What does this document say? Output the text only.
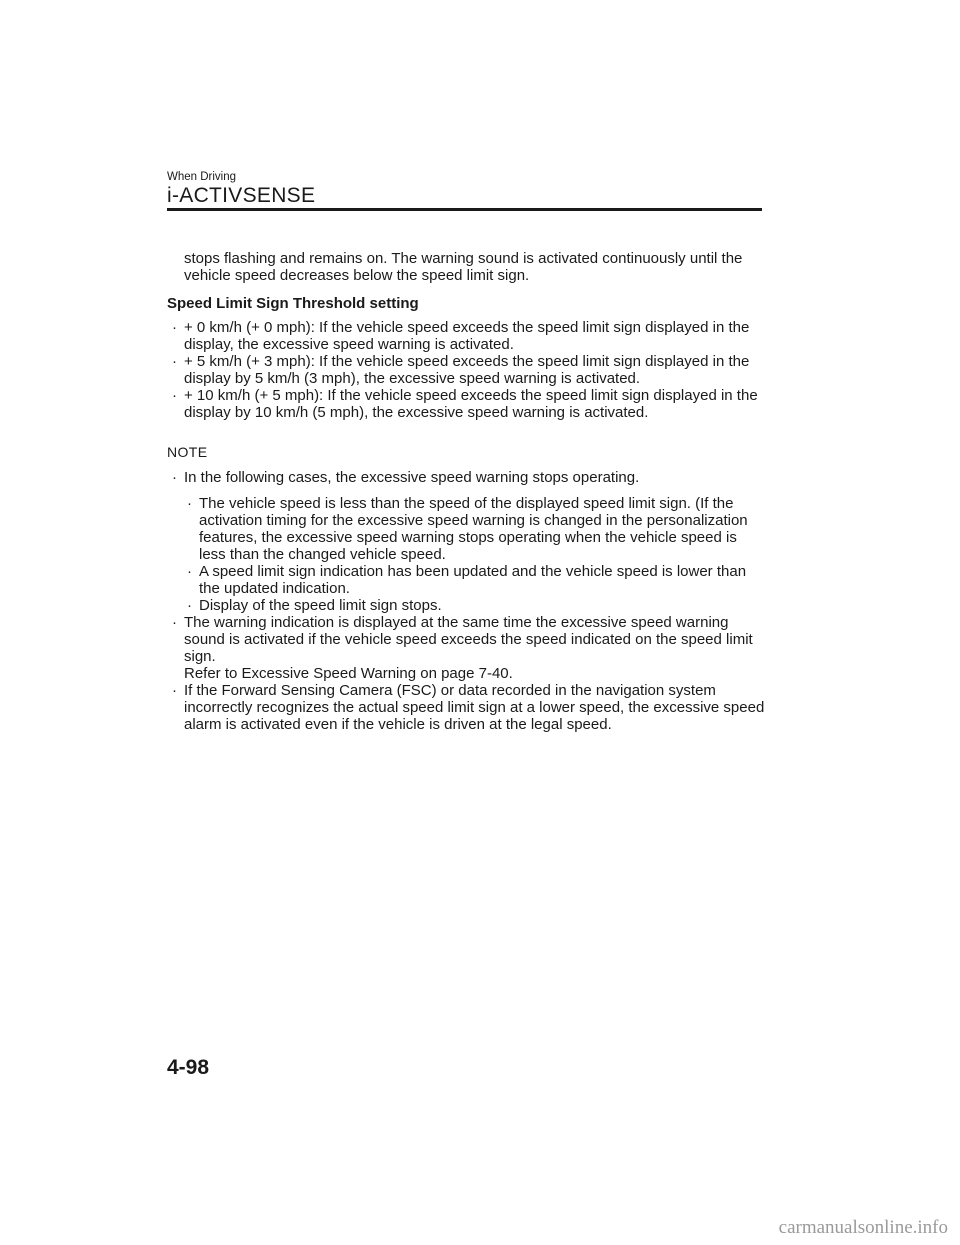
When Driving

i-ACTIVSENSE

stops flashing and remains on. The warning sound is activated continuously until the vehicle speed decreases below the speed limit sign.

Speed Limit Sign Threshold setting

· + 0 km/h (+ 0 mph): If the vehicle speed exceeds the speed limit sign displayed in the display, the excessive speed warning is activated.
· + 5 km/h (+ 3 mph): If the vehicle speed exceeds the speed limit sign displayed in the display by 5 km/h (3 mph), the excessive speed warning is activated.
· + 10 km/h (+ 5 mph): If the vehicle speed exceeds the speed limit sign displayed in the display by 10 km/h (5 mph), the excessive speed warning is activated.

NOTE

· In the following cases, the excessive speed warning stops operating.
· The vehicle speed is less than the speed of the displayed speed limit sign. (If the activation timing for the excessive speed warning is changed in the personalization features, the excessive speed warning stops operating when the vehicle speed is less than the changed vehicle speed.
· A speed limit sign indication has been updated and the vehicle speed is lower than the updated indication.
· Display of the speed limit sign stops.
· The warning indication is displayed at the same time the excessive speed warning sound is activated if the vehicle speed exceeds the speed indicated on the speed limit sign.
Refer to Excessive Speed Warning on page 7-40.
· If the Forward Sensing Camera (FSC) or data recorded in the navigation system incorrectly recognizes the actual speed limit sign at a lower speed, the excessive speed alarm is activated even if the vehicle is driven at the legal speed.

4-98

carmanualsonline.info
